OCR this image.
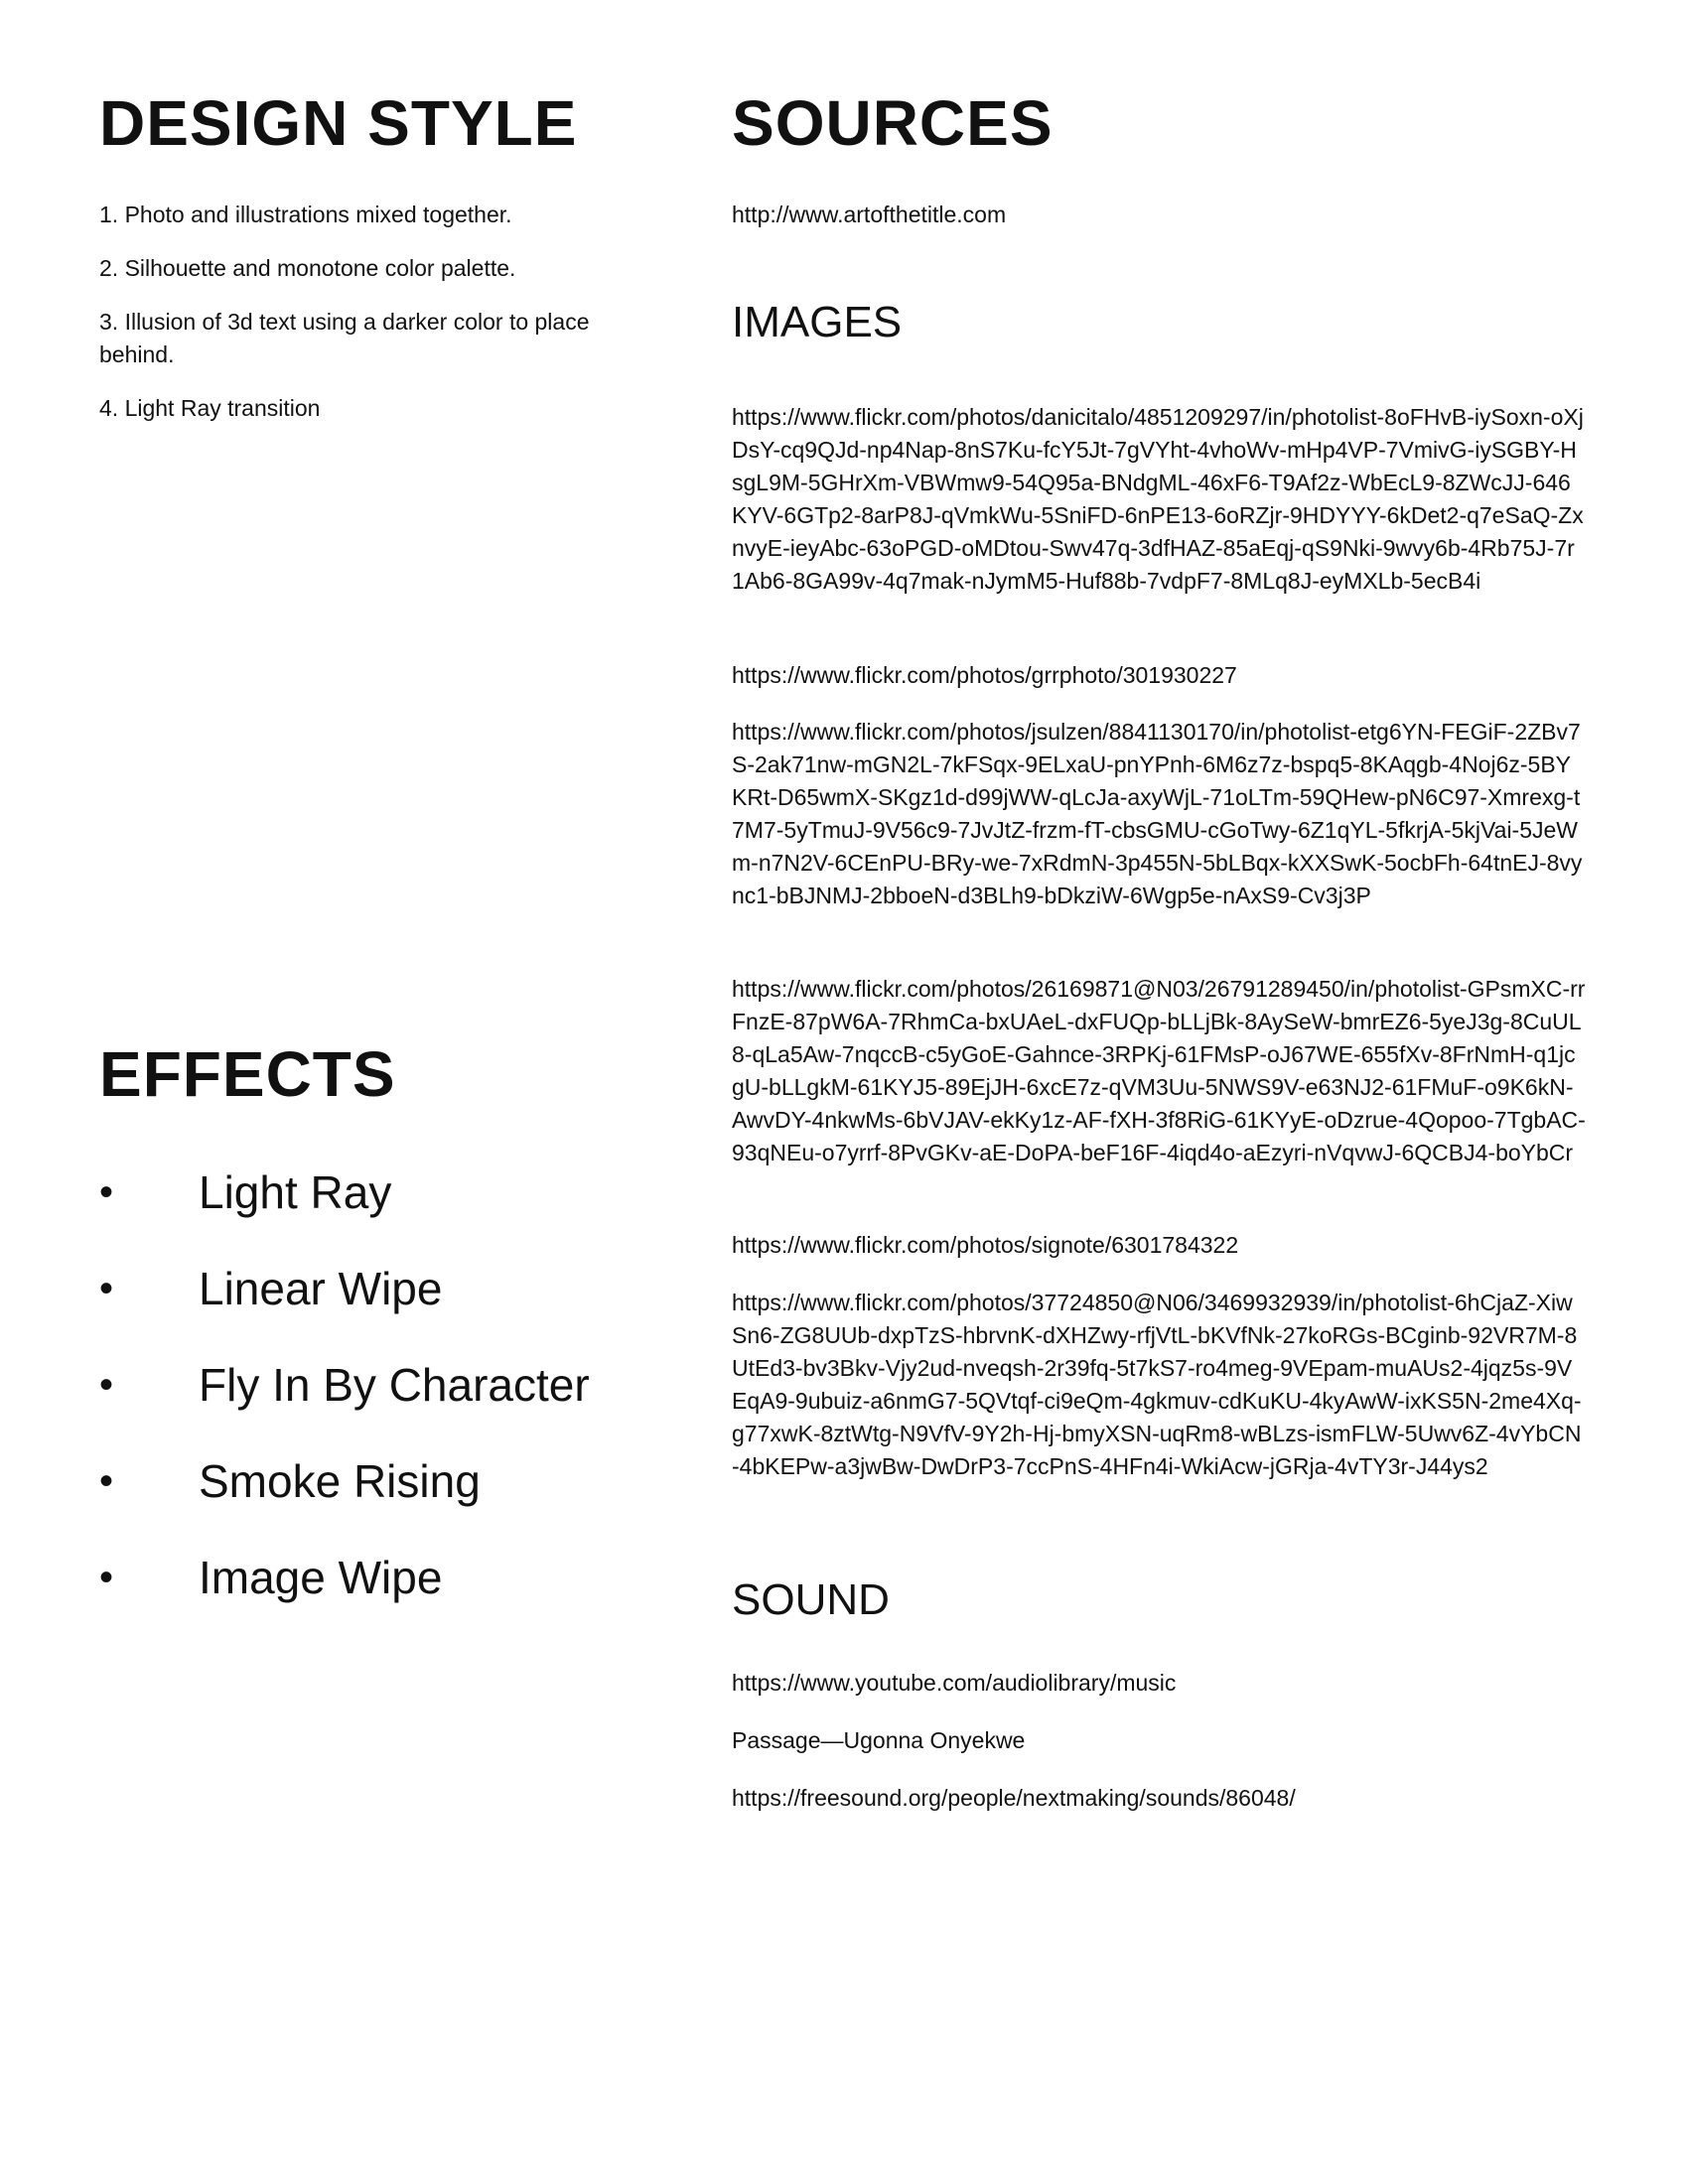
DESIGN STYLE
1. Photo and illustrations mixed together.
2. Silhouette and monotone color palette.
3. Illusion of 3d text using a darker color to place behind.
4. Light Ray transition
EFFECTS
•	Light Ray
•	Linear Wipe
•	Fly In By Character
•	Smoke Rising
•	Image Wipe
SOURCES
http://www.artofthetitle.com
IMAGES
https://www.flickr.com/photos/danicitalo/4851209297/in/photolist-8oFHvB-iySoxn-oXjDsY-cq9QJd-np4Nap-8nS7Ku-fcY5Jt-7gVYht-4vhoWv-mHp4VP-7VmivG-iySGBY-HsgL9M-5GHrXm-VBWmw9-54Q95a-BNdgML-46xF6-T9Af2z-WbEcL9-8ZWcJJ-646KYV-6GTp2-8arP8J-qVmkWu-5SniFD-6nPE13-6oRZjr-9HDYYY-6kDet2-q7eSaQ-ZxnvyE-ieyAbc-63oPGD-oMDtou-Swv47q-3dfHAZ-85aEqj-qS9Nki-9wvy6b-4Rb75J-7r1Ab6-8GA99v-4q7mak-nJymM5-Huf88b-7vdpF7-8MLq8J-eyMXLb-5ecB4i
https://www.flickr.com/photos/grrphoto/301930227
https://www.flickr.com/photos/jsulzen/8841130170/in/photolist-etg6YN-FEGiF-2ZBv7S-2ak71nw-mGN2L-7kFSqx-9ELxaU-pnYPnh-6M6z7z-bspq5-8KAqgb-4Noj6z-5BYKRt-D65wmX-SKgz1d-d99jWW-qLcJa-axyWjL-71oLTm-59QHew-pN6C97-Xmrexg-t7M7-5yTmuJ-9V56c9-7JvJtZ-frzm-fT-cbsGMU-cGoTwy-6Z1qYL-5fkrjA-5kjVai-5JeWm-n7N2V-6CEnPU-BRy-we-7xRdmN-3p455N-5bLBqx-kXXSwK-5ocbFh-64tnEJ-8vync1-bBJNMJ-2bboeN-d3BLh9-bDkziW-6Wgp5e-nAxS9-Cv3j3P
https://www.flickr.com/photos/26169871@N03/26791289450/in/photolist-GPsmXC-rrFnzE-87pW6A-7RhmCa-bxUAeL-dxFUQp-bLLjBk-8AySeW-bmrEZ6-5yeJ3g-8CuUL8-qLa5Aw-7nqccB-c5yGoE-Gahnce-3RPKj-61FMsP-oJ67WE-655fXv-8FrNmH-q1jcgU-bLLgkM-61KYJ5-89EjJH-6xcE7z-qVM3Uu-5NWS9V-e63NJ2-61FMuF-o9K6kN-AwvDY-4nkwMs-6bVJAV-ekKy1z-AF-fXH-3f8RiG-61KYyE-oDzrue-4Qopoo-7TgbAC-93qNEu-o7yrrf-8PvGKv-aE-DoPA-beF16F-4iqd4o-aEzyri-nVqvwJ-6QCBJ4-boYbCr
https://www.flickr.com/photos/signote/6301784322
https://www.flickr.com/photos/37724850@N06/3469932939/in/photolist-6hCjaZ-XiwSn6-ZG8UUb-dxpTzS-hbrvnK-dXHZwy-rfjVtL-bKVfNk-27koRGs-BCginb-92VR7M-8UtEd3-bv3Bkv-Vjy2ud-nveqsh-2r39fq-5t7kS7-ro4meg-9VEpam-muAUs2-4jqz5s-9VEqA9-9ubuiz-a6nmG7-5QVtqf-ci9eQm-4gkmuv-cdKuKU-4kyAwW-ixKS5N-2me4Xq-g77xwK-8ztWtg-N9VfV-9Y2h-Hj-bmyXSN-uqRm8-wBLzs-ismFLW-5Uwv6Z-4vYbCN-4bKEPw-a3jwBw-DwDrP3-7ccPnS-4HFn4i-WkiAcw-jGRja-4vTY3r-J44ys2
SOUND
https://www.youtube.com/audiolibrary/music
Passage—Ugonna Onyekwe
https://freesound.org/people/nextmaking/sounds/86048/
